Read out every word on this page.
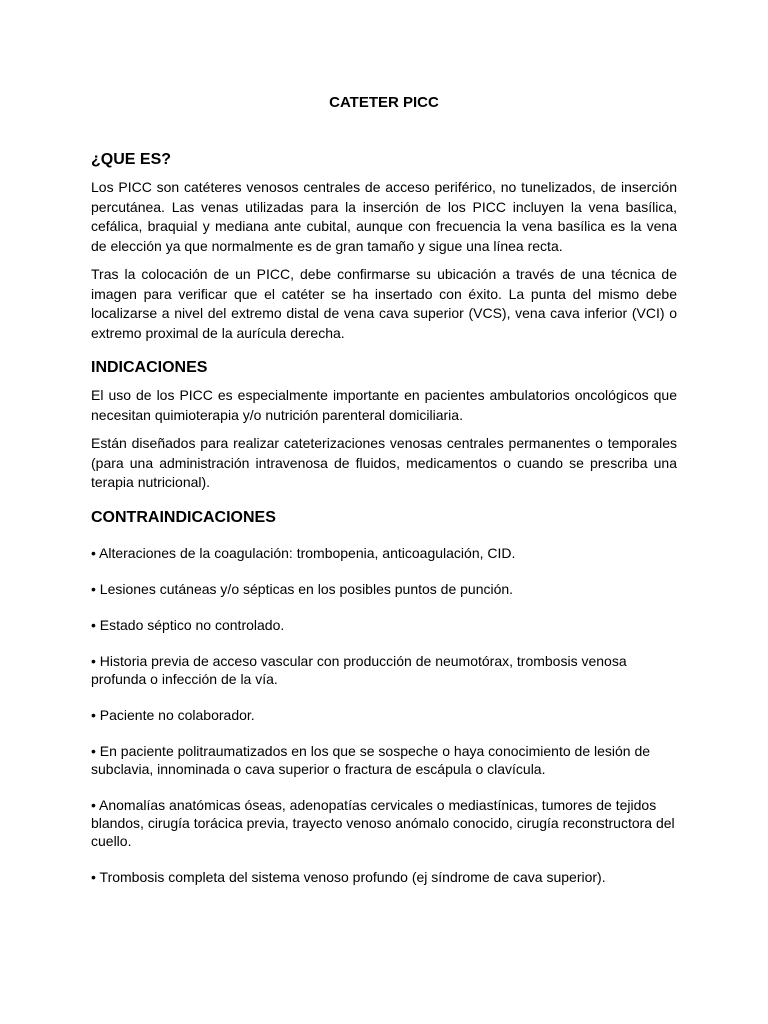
CATETER PICC
¿QUE ES?

Los PICC son catéteres venosos centrales de acceso periférico, no tunelizados, de inserción percutánea. Las venas utilizadas para la inserción de los PICC incluyen la vena basílica, cefálica, braquial y mediana ante cubital, aunque con frecuencia la vena basílica es la vena de elección ya que normalmente es de gran tamaño y sigue una línea recta.

Tras la colocación de un PICC, debe confirmarse su ubicación a través de una técnica de imagen para verificar que el catéter se ha insertado con éxito. La punta del mismo debe localizarse a nivel del extremo distal de vena cava superior (VCS), vena cava inferior (VCI) o extremo proximal de la aurícula derecha.

INDICACIONES

El uso de los PICC es especialmente importante en pacientes ambulatorios oncológicos que necesitan quimioterapia y/o nutrición parenteral domiciliaria.

Están diseñados para realizar cateterizaciones venosas centrales permanentes o temporales (para una administración intravenosa de fluidos, medicamentos o cuando se prescriba una terapia nutricional).

CONTRAINDICACIONES
• Alteraciones de la coagulación: trombopenia, anticoagulación, CID.
• Lesiones cutáneas y/o sépticas en los posibles puntos de punción.
• Estado séptico no controlado.
• Historia previa de acceso vascular con producción de neumotórax, trombosis venosa profunda o infección de la vía.
• Paciente no colaborador.
• En paciente politraumatizados en los que se sospeche o haya conocimiento de lesión de subclavia, innominada o cava superior o fractura de escápula o clavícula.
• Anomalías anatómicas óseas, adenopatías cervicales o mediastínicas, tumores de tejidos blandos, cirugía torácica previa, trayecto venoso anómalo conocido, cirugía reconstructora del cuello.
• Trombosis completa del sistema venoso profundo (ej síndrome de cava superior).
